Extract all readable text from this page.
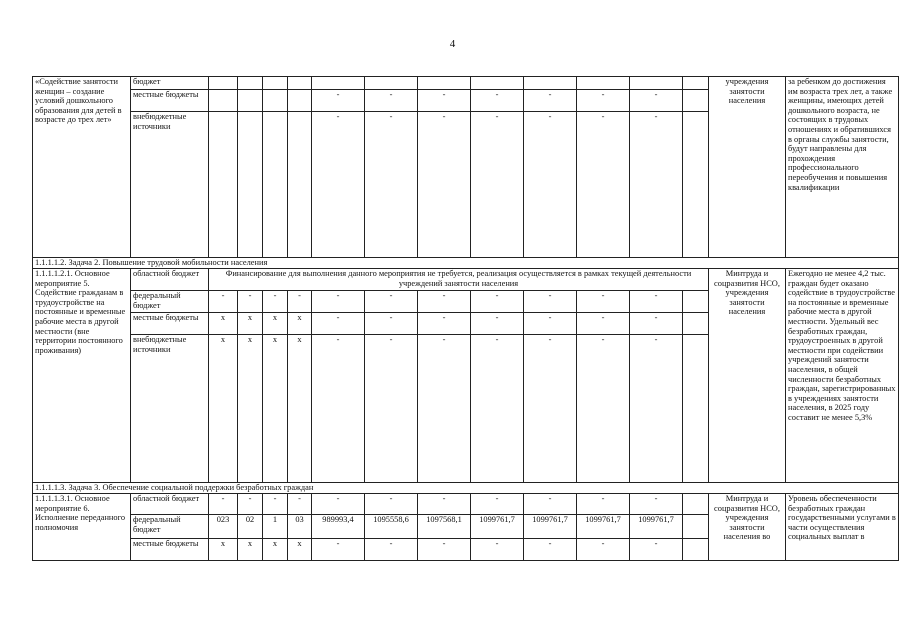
4
«Содействие занятости женщин – создание условий дошкольного образования для детей в возрасте до трех лет»	бюджет													учреждения занятости населения	за ребенком до достижения им возраста трех лет, а также женщины, имеющих детей дошкольного возраста, не состоящих в трудовых отношениях и обратившихся в органы службы занятости, будут направлены для прохождения профессионального переобучения и повышения квалификации
	местные бюджеты					-	-	-	-	-	-	-			
	внебюджетные источники					-	-	-	-	-	-	-			
1.1.1.1.2. Задача 2. Повышение трудовой мобильности населения															
1.1.1.1.2.1. Основное мероприятие 5. Содействие гражданам в трудоустройстве на постоянные и временные рабочие места в другой местности (вне территории постоянного проживания)	областной бюджет	Финансирование для выполнения данного мероприятия не требуется, реализация осуществляется в рамках текущей деятельности учреждений занятости населения												Минтруда и соцразвития НСО, учреждения занятости населения	Ежегодно не менее 4,2 тыс. граждан будет оказано содействие в трудоустройстве на постоянные и временные рабочие места в другой местности. Удельный вес безработных граждан, трудоустроенных в другой местности при содействии учреждений занятости населения, в общей численности безработных граждан, зарегистрированных в учреждениях занятости населения, в 2025 году составит не менее 5,3%
	федеральный бюджет	-	-	-	-	-	-	-	-	-	-	-			
	местные бюджеты	x	x	x	x	-	-	-	-	-	-	-			
	внебюджетные источники	x	x	x	x	-	-	-	-	-	-	-			
1.1.1.1.3. Задача 3. Обеспечение социальной поддержки безработных граждан															
1.1.1.1.3.1. Основное мероприятие 6. Исполнение переданного полномочия	областной бюджет	-	-	-	-	-	-	-	-	-	-	-		Минтруда и соцразвития НСО, учреждения занятости населения во	Уровень обеспеченности безработных граждан государственными услугами в части осуществления социальных выплат в
	федеральный бюджет	023	02	1	03	989993,4	1095558,6	1097568,1	1099761,7	1099761,7	1099761,7	1099761,7			
	местные бюджеты	x	x	x	x	-	-	-	-	-	-	-			
